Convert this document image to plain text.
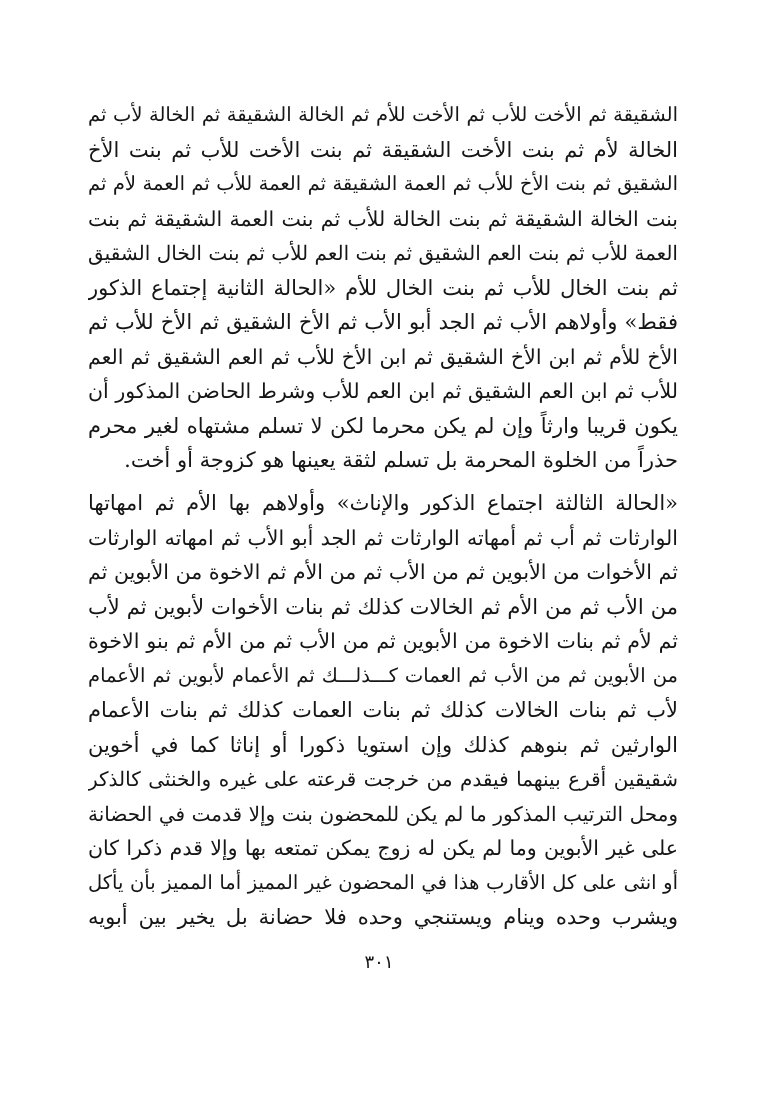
الشقيقة ثم الأخت للأب ثم الأخت للأم ثم الخالة الشقيقة ثم الخالة لأب ثم
الخالة لأم ثم بنت الأخت الشقيقة ثم بنت الأخت للأب ثم بنت الأخ
الشقيق ثم بنت الأخ للأب ثم العمة الشقيقة ثم العمة للأب ثم العمة لأم ثم
بنت الخالة الشقيقة ثم بنت الخالة للأب ثم بنت العمة الشقيقة ثم بنت
العمة للأب ثم بنت العم الشقيق ثم بنت العم للأب ثم بنت الخال الشقيق
ثم بنت الخال للأب ثم بنت الخال للأم «الحالة الثانية إجتماع الذكور
فقط» وأولاهم الأب ثم الجد أبو الأب ثم الأخ الشقيق ثم الأخ للأب ثم
الأخ للأم ثم ابن الأخ الشقيق ثم ابن الأخ للأب ثم العم الشقيق ثم العم
للأب ثم ابن العم الشقيق ثم ابن العم للأب وشرط الحاضن المذكور أن
يكون قريبا وارثاً وإن لم يكن محرما لكن لا تسلم مشتهاه لغير محرم
حذراً من الخلوة المحرمة بل تسلم لثقة يعينها هو كزوجة أو أخت.
«الحالة الثالثة اجتماع الذكور والإناث» وأولاهم بها الأم ثم امهاتها
الوارثات ثم أب ثم أمهاته الوارثات ثم الجد أبو الأب ثم امهاته الوارثات
ثم الأخوات من الأبوين ثم من الأب ثم من الأم ثم الاخوة من الأبوين ثم
من الأب ثم من الأم ثم الخالات كذلك ثم بنات الأخوات لأبوين ثم لأب
ثم لأم ثم بنات الاخوة من الأبوين ثم من الأب ثم من الأم ثم بنو الاخوة
من الأبوين ثم من الأب ثم العمات كـــذلـــك ثم الأعمام لأبوين ثم الأعمام
لأب ثم بنات الخالات كذلك ثم بنات العمات كذلك ثم بنات الأعمام
الوارثين ثم بنوهم كذلك وإن استويا ذكورا أو إناثا كما في أخوين
شقيقين أقرع بينهما فيقدم من خرجت قرعته على غيره والخنثى كالذكر
ومحل الترتيب المذكور ما لم يكن للمحضون بنت وإلا قدمت في الحضانة
على غير الأبوين وما لم يكن له زوج يمكن تمتعه بها وإلا قدم ذكرا كان
أو انثى على كل الأقارب هذا في المحضون غير المميز أما المميز بأن يأكل
ويشرب وحده وينام ويستنجي وحده فلا حضانة بل يخير بين أبويه
٣٠١
